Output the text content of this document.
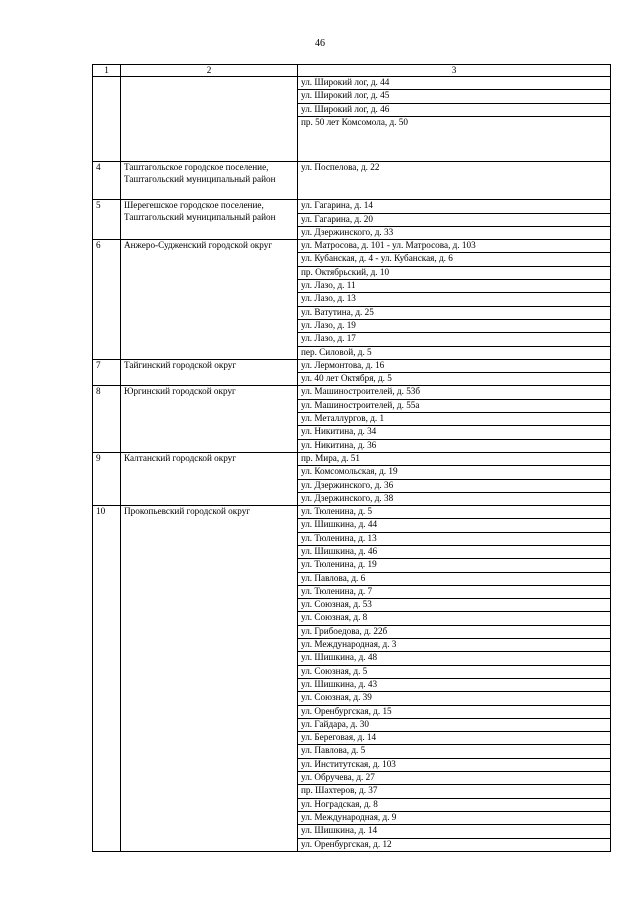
46
1	2	3
		ул. Широкий лог, д. 44
		ул. Широкий лог, д. 45
		ул. Широкий лог, д. 46
		пр. 50 лет Комсомола, д. 50
4	Таштагольское городское поселение, Таштагольский муниципальный район	ул. Поспелова, д. 22
5	Шерегешское городское поселение, Таштагольский муниципальный район	ул. Гагарина, д. 14
		ул. Гагарина, д. 20
		ул. Дзержинского, д. 33
6	Анжеро-Судженский городской округ	ул. Матросова, д. 101 - ул. Матросова, д. 103
		ул. Кубанская, д. 4 - ул. Кубанская, д. 6
		пр. Октябрьский, д. 10
		ул. Лазо, д. 11
		ул. Лазо, д. 13
		ул. Ватутина, д. 25
		ул. Лазо, д. 19
		ул. Лазо, д. 17
		пер. Силовой, д. 5
7	Тайгинский городской округ	ул. Лермонтова, д. 16
		ул. 40 лет Октября, д. 5
8	Юргинский городской округ	ул. Машиностроителей, д. 53б
		ул. Машиностроителей, д. 55а
		ул. Металлургов, д. 1
		ул. Никитина, д. 34
		ул. Никитина, д. 36
9	Калтанский городской округ	пр. Мира, д. 51
		ул. Комсомольская, д. 19
		ул. Дзержинского, д. 36
		ул. Дзержинского, д. 38
10	Прокопьевский городской округ	ул. Тюленина, д. 5
		ул. Шишкина, д. 44
		ул. Тюленина, д. 13
		ул. Шишкина, д. 46
		ул. Тюленина, д. 19
		ул. Павлова, д. 6
		ул. Тюленина, д. 7
		ул. Союзная, д. 53
		ул. Союзная, д. 8
		ул. Грибоедова, д. 22б
		ул. Международная, д. 3
		ул. Шишкина, д. 48
		ул. Союзная, д. 5
		ул. Шишкина, д. 43
		ул. Союзная, д. 39
		ул. Оренбургская, д. 15
		ул. Гайдара, д. 30
		ул. Береговая, д. 14
		ул. Павлова, д. 5
		ул. Институтская, д. 103
		ул. Обручева, д. 27
		пр. Шахтеров, д. 37
		ул. Ноградская, д. 8
		ул. Международная, д. 9
		ул. Шишкина, д. 14
		ул. Оренбургская, д. 12
